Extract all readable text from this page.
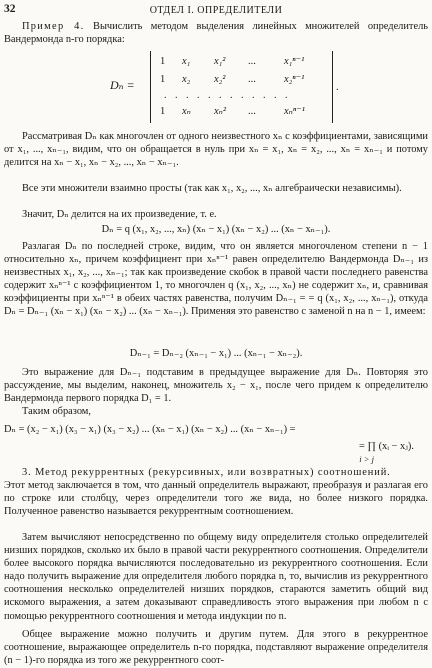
32	ОТДЕЛ I. ОПРЕДЕЛИТЕЛИ

Пример 4. Вычислить методом выделения линейных множителей определитель Вандермонда n-го порядка:

Dₙ =
1 x₁ x₁² ...	x₁ⁿ⁻¹
1 x₂ x₂² ...	x₂ⁿ⁻¹
. . . . . . . . . . . .
1 xₙ xₙ² ...	xₙⁿ⁻¹
.

Рассматривая Dₙ как многочлен от одного неизвестного xₙ с коэффициентами, зависящими от x₁, ..., xₙ₋₁, видим, что он обращается в нуль при xₙ = x₁, xₙ = x₂, ..., xₙ = xₙ₋₁ и потому делится на xₙ − x₁, xₙ − x₂, ..., xₙ − xₙ₋₁.

Все эти множители взаимно просты (так как x₁, x₂, ..., xₙ алгебраически независимы).

Значит, Dₙ делится на их произведение, т. е.

Dₙ = q (x₁, x₂, ..., xₙ) (xₙ − x₁) (xₙ − x₂) ... (xₙ − xₙ₋₁).

Разлагая Dₙ по последней строке, видим, что он является многочленом степени n − 1 относительно xₙ, причем коэффициент при xₙⁿ⁻¹ равен определителю Вандермонда Dₙ₋₁ из неизвестных x₁, x₂, ..., xₙ₋₁; так как произведение скобок в правой части последнего равенства содержит xₙⁿ⁻¹ с коэффициентом 1, то многочлен q (x₁, x₂, ..., xₙ) не содержит xₙ, и, сравнивая коэффициенты при xₙⁿ⁻¹ в обеих частях равенства, получим Dₙ₋₁ = = q (x₁, x₂, ..., xₙ₋₁), откуда Dₙ = Dₙ₋₁ (xₙ − x₁) (xₙ − x₂) ... (xₙ − xₙ₋₁). Применяя это равенство с заменой n на n − 1, имеем:

Dₙ₋₁ = Dₙ₋₂ (xₙ₋₁ − x₁) ... (xₙ₋₁ − xₙ₋₂).

Это выражение для Dₙ₋₁ подставим в предыдущее выражение для Dₙ. Повторяя это рассуждение, мы выделим, наконец, множитель x₂ − x₁, после чего придем к определителю Вандермонда первого порядка D₁ = 1.

Таким образом,

Dₙ = (x₂ − x₁) (x₃ − x₁) (x₃ − x₂) ... (xₙ − x₁) (xₙ − x₂) ... (xₙ − xₙ₋₁) =

= ∏ (xᵢ − xⱼ).

i > j

3. Метод рекуррентных (рекурсивных, или возвратных) соотношений.

Этот метод заключается в том, что данный определитель выражают, преобразуя и разлагая его по строке или столбцу, через определители того же вида, но более низкого порядка. Полученное равенство называется рекуррентным соотношением.

Затем вычисляют непосредственно по общему виду определителя столько определителей низших порядков, сколько их было в правой части рекуррентного соотношения. Определители более высокого порядка вычисляются последовательно из рекуррентного соотношения. Если надо получить выражение для определителя любого порядка n, то, вычислив из рекуррентного соотношения несколько определителей низших порядков, стараются заметить общий вид искомого выражения, а затем доказывают справедливость этого выражения при любом n с помощью рекуррентного соотношения и метода индукции по n.

Общее выражение можно получить и другим путем. Для этого в рекуррентное соотношение, выражающее определитель n-го порядка, подставляют выражение определителя (n − 1)-го порядка из того же рекуррентного соот-
